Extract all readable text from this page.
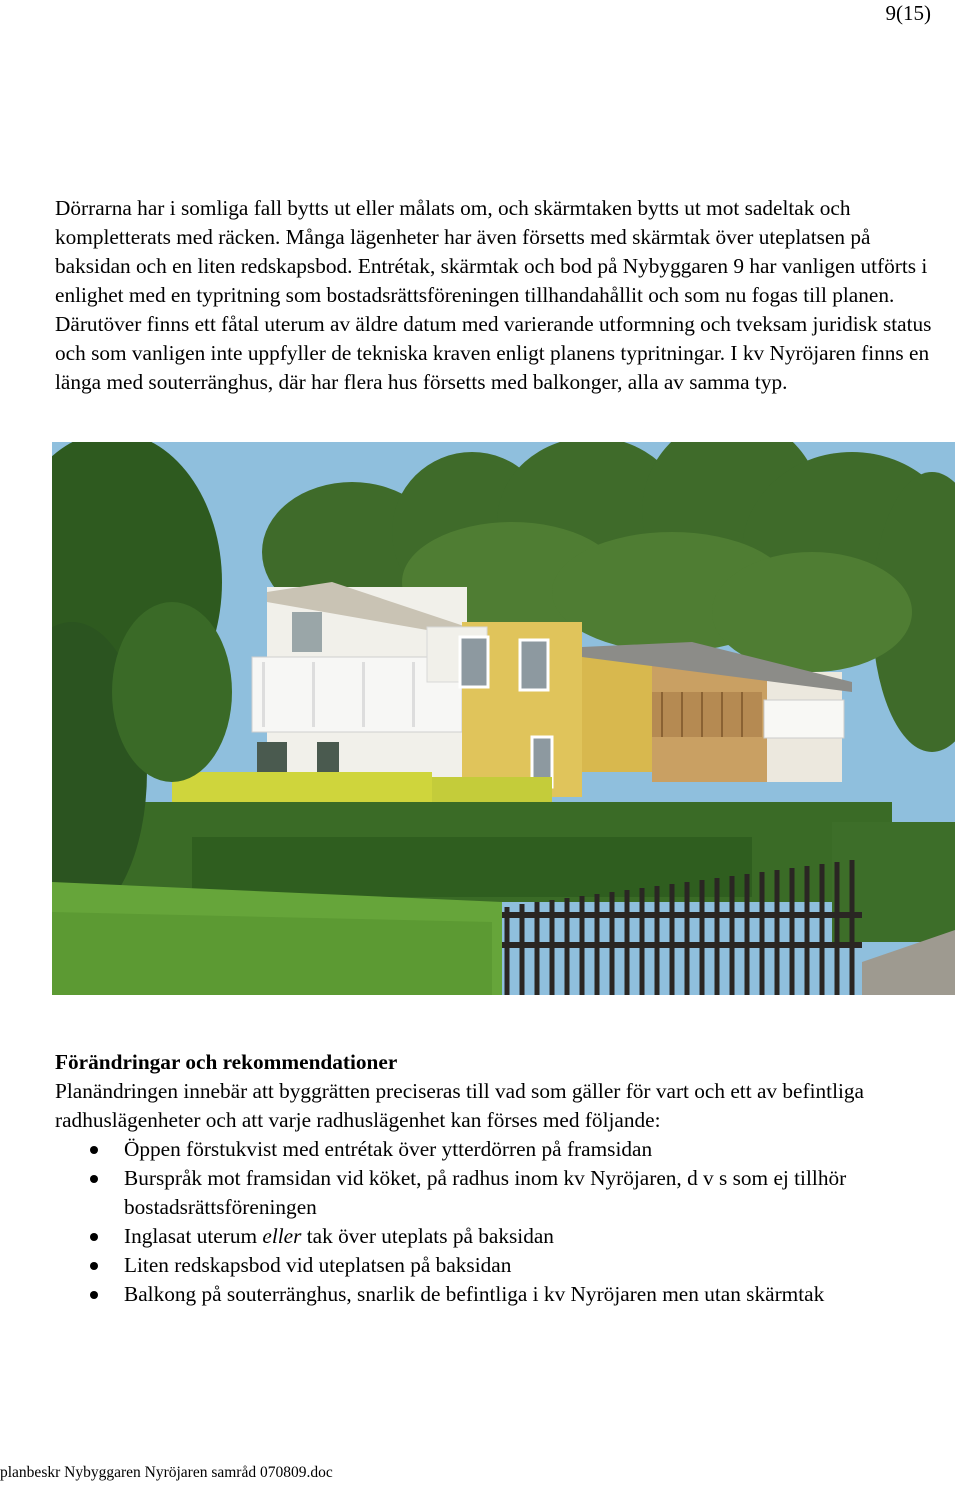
9(15)

Dörrarna har i somliga fall bytts ut eller målats om, och skärmtaken bytts ut mot sadeltak och kompletterats med räcken. Många lägenheter har även försetts med skärmtak över uteplatsen på baksidan och en liten redskapsbod. Entrétak, skärmtak och bod på Nybyggaren 9 har vanligen utförts i enlighet med en typritning som bostadsrättsföreningen tillhandahållit och som nu fogas till planen. Därutöver finns ett fåtal uterum av äldre datum med varierande utformning och tveksam juridisk status och som vanligen inte uppfyller de tekniska kraven enligt planens typritningar. I kv Nyröjaren finns en länga med souterränghus, där har flera hus försetts med balkonger, alla av samma typ.

Förändringar och rekommendationer

Planändringen innebär att byggrätten preciseras till vad som gäller för vart och ett av befintliga radhuslägenheter och att varje radhuslägenhet kan förses med följande:

Öppen förstukvist med entrétak över ytterdörren på framsidan
Burspråk mot framsidan vid köket, på radhus inom kv Nyröjaren, d v s som ej tillhör bostadsrättsföreningen
Inglasat uterum eller tak över uteplats på baksidan
Liten redskapsbod vid uteplatsen på baksidan
Balkong på souterränghus, snarlik de befintliga i kv Nyröjaren men utan skärmtak
planbeskr Nybyggaren Nyröjaren samråd 070809.doc
